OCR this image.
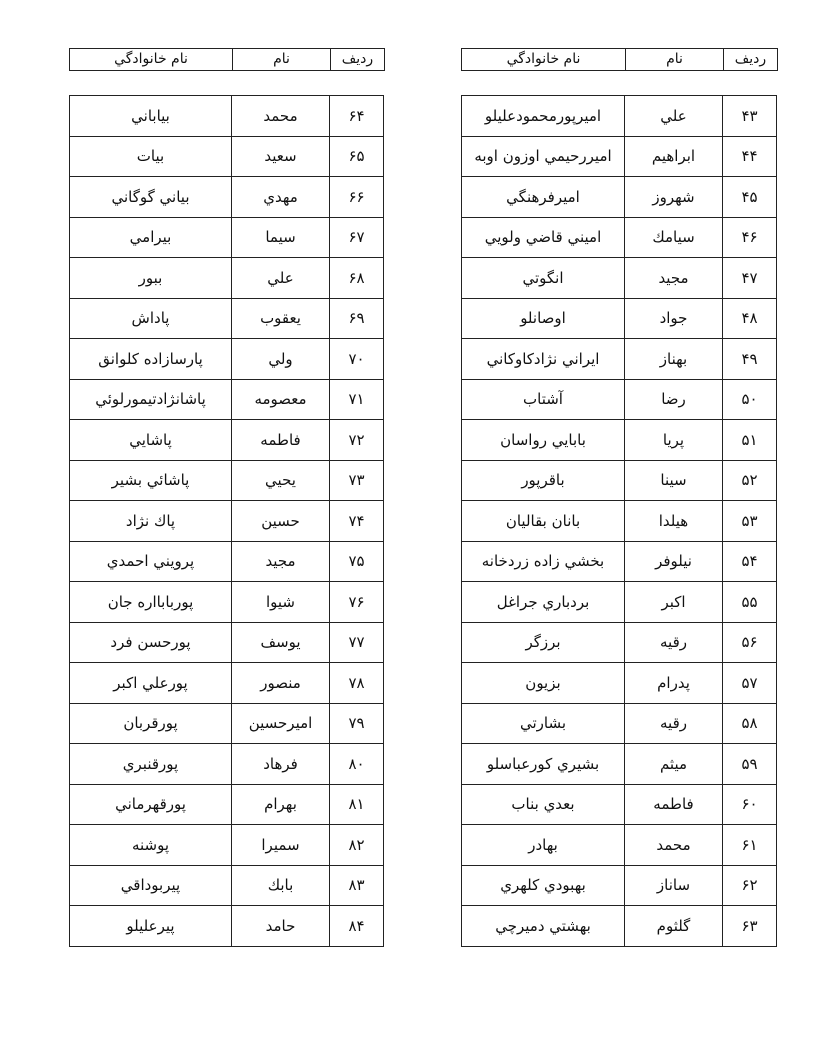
رديف	نام	نام خانوادگي
رديف	نام	نام خانوادگي
۴۳	علي	اميرپورمحمودعليلو
۴۴	ابراهيم	اميررحيمي اوزون اوبه
۴۵	شهروز	اميرفرهنگي
۴۶	سيامك	اميني قاضي ولويي
۴۷	مجيد	انگوتي
۴۸	جواد	اوصانلو
۴۹	بهناز	ايراني نژادكاوكاني
۵۰	رضا	آشتاب
۵۱	پريا	بابايي رواسان
۵۲	سينا	باقرپور
۵۳	هيلدا	بانان بقاليان
۵۴	نيلوفر	بخشي زاده زردخانه
۵۵	اكبر	بردباري جراغل
۵۶	رقيه	برزگر
۵۷	پدرام	بزيون
۵۸	رقيه	بشارتي
۵۹	ميثم	بشيري كورعباسلو
۶۰	فاطمه	بعدي بناب
۶۱	محمد	بهادر
۶۲	ساناز	بهبودي كلهري
۶۳	گلثوم	بهشتي دميرچي
۶۴	محمد	بياباني
۶۵	سعيد	بيات
۶۶	مهدي	بياني گوگاني
۶۷	سيما	بيرامي
۶۸	علي	ببور
۶۹	يعقوب	پاداش
۷۰	ولي	پارسازاده كلوانق
۷۱	معصومه	پاشانژادتيمورلوئي
۷۲	فاطمه	پاشايي
۷۳	يحيي	پاشائي بشير
۷۴	حسين	پاك نژاد
۷۵	مجيد	پرويني احمدي
۷۶	شيوا	پوربابااره جان
۷۷	يوسف	پورحسن فرد
۷۸	منصور	پورعلي اكبر
۷۹	اميرحسين	پورقربان
۸۰	فرهاد	پورقنبري
۸۱	بهرام	پورقهرماني
۸۲	سميرا	پوشنه
۸۳	بابك	پيربوداقي
۸۴	حامد	پيرعليلو
